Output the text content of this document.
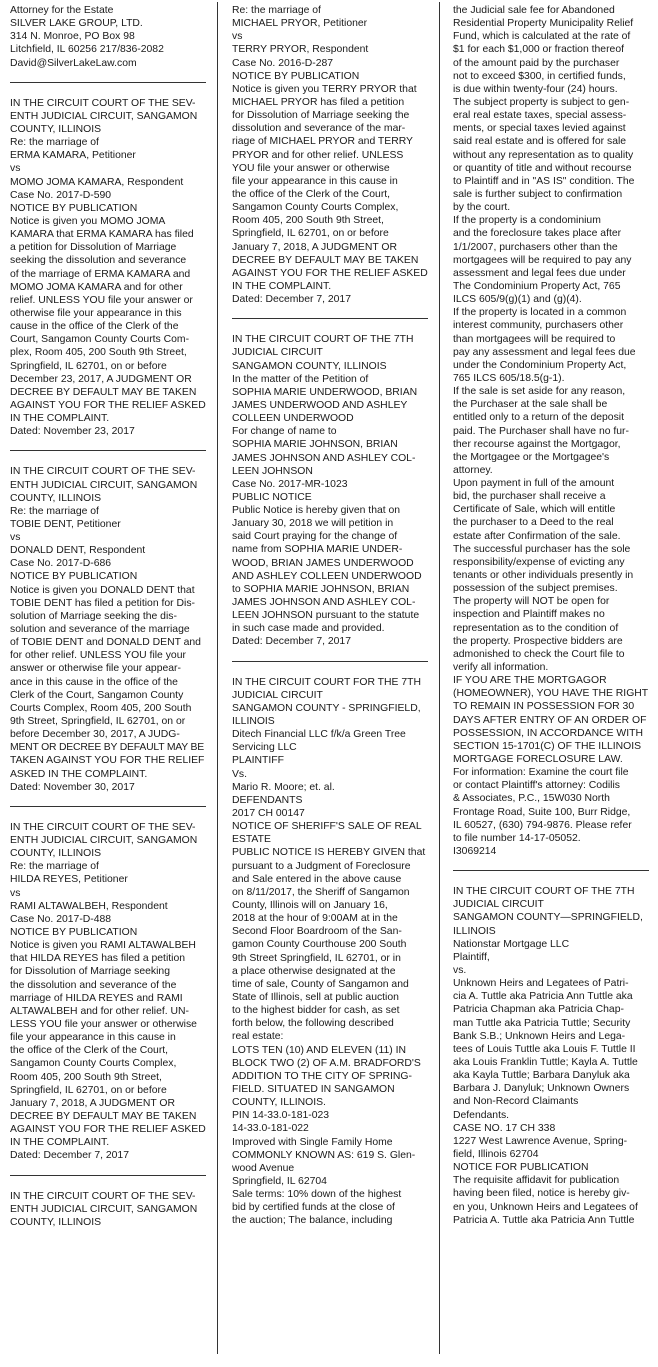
Attorney for the Estate
SILVER LAKE GROUP, LTD.
314 N. Monroe, PO Box 98
Litchfield, IL 60256 217/836-2082
David@SilverLakeLaw.com
IN THE CIRCUIT COURT OF THE SEV-
ENTH JUDICIAL CIRCUIT, SANGAMON
COUNTY, ILLINOIS
Re: the marriage of
ERMA KAMARA, Petitioner
vs
MOMO JOMA KAMARA, Respondent
Case No. 2017-D-590
NOTICE BY PUBLICATION
Notice is given you MOMO JOMA
KAMARA that ERMA KAMARA has filed
a petition for Dissolution of Marriage
seeking the dissolution and severance
of the marriage of ERMA KAMARA and
MOMO JOMA KAMARA and for other
relief. UNLESS YOU file your answer or
otherwise file your appearance in this
cause in the office of the Clerk of the
Court, Sangamon County Courts Com-
plex, Room 405, 200 South 9th Street,
Springfield, IL 62701, on or before
December 23, 2017, A JUDGMENT OR
DECREE BY DEFAULT MAY BE TAKEN
AGAINST YOU FOR THE RELIEF ASKED
IN THE COMPLAINT.
Dated: November 23, 2017
IN THE CIRCUIT COURT OF THE SEV-
ENTH JUDICIAL CIRCUIT, SANGAMON
COUNTY, ILLINOIS
Re: the marriage of
TOBIE DENT, Petitioner
vs
DONALD DENT, Respondent
Case No. 2017-D-686
NOTICE BY PUBLICATION
Notice is given you DONALD DENT that
TOBIE DENT has filed a petition for Dis-
solution of Marriage seeking the dis-
solution and severance of the marriage
of TOBIE DENT and DONALD DENT and
for other relief. UNLESS YOU file your
answer or otherwise file your appear-
ance in this cause in the office of the
Clerk of the Court, Sangamon County
Courts Complex, Room 405, 200 South
9th Street, Springfield, IL 62701, on or
before December 30, 2017, A JUDG-
MENT OR DECREE BY DEFAULT MAY BE
TAKEN AGAINST YOU FOR THE RELIEF
ASKED IN THE COMPLAINT.
Dated: November 30, 2017
IN THE CIRCUIT COURT OF THE SEV-
ENTH JUDICIAL CIRCUIT, SANGAMON
COUNTY, ILLINOIS
Re: the marriage of
HILDA REYES, Petitioner
vs
RAMI ALTAWALBEH, Respondent
Case No. 2017-D-488
NOTICE BY PUBLICATION
Notice is given you RAMI ALTAWALBEH
that HILDA REYES has filed a petition
for Dissolution of Marriage seeking
the dissolution and severance of the
marriage of HILDA REYES and RAMI
ALTAWALBEH and for other relief. UN-
LESS YOU file your answer or otherwise
file your appearance in this cause in
the office of the Clerk of the Court,
Sangamon County Courts Complex,
Room 405, 200 South 9th Street,
Springfield, IL 62701, on or before
January 7, 2018, A JUDGMENT OR
DECREE BY DEFAULT MAY BE TAKEN
AGAINST YOU FOR THE RELIEF ASKED
IN THE COMPLAINT.
Dated: December 7, 2017
IN THE CIRCUIT COURT OF THE SEV-
ENTH JUDICIAL CIRCUIT, SANGAMON
COUNTY, ILLINOIS
Re: the marriage of
MICHAEL PRYOR, Petitioner
vs
TERRY PRYOR, Respondent
Case No. 2016-D-287
NOTICE BY PUBLICATION
Notice is given you TERRY PRYOR that
MICHAEL PRYOR has filed a petition
for Dissolution of Marriage seeking the
dissolution and severance of the mar-
riage of MICHAEL PRYOR and TERRY
PRYOR and for other relief. UNLESS
YOU file your answer or otherwise
file your appearance in this cause in
the office of the Clerk of the Court,
Sangamon County Courts Complex,
Room 405, 200 South 9th Street,
Springfield, IL 62701, on or before
January 7, 2018, A JUDGMENT OR
DECREE BY DEFAULT MAY BE TAKEN
AGAINST YOU FOR THE RELIEF ASKED
IN THE COMPLAINT.
Dated: December 7, 2017
IN THE CIRCUIT COURT OF THE 7TH
JUDICIAL CIRCUIT
SANGAMON COUNTY, ILLINOIS
In the matter of the Petition of
SOPHIA MARIE UNDERWOOD, BRIAN
JAMES UNDERWOOD AND ASHLEY
COLLEEN UNDERWOOD
For change of name to
SOPHIA MARIE JOHNSON, BRIAN
JAMES JOHNSON AND ASHLEY COL-
LEEN JOHNSON
Case No. 2017-MR-1023
PUBLIC NOTICE
Public Notice is hereby given that on
January 30, 2018 we will petition in
said Court praying for the change of
name from SOPHIA MARIE UNDER-
WOOD, BRIAN JAMES UNDERWOOD
AND ASHLEY COLLEEN UNDERWOOD
to SOPHIA MARIE JOHNSON, BRIAN
JAMES JOHNSON AND ASHLEY COL-
LEEN JOHNSON pursuant to the statute
in such case made and provided.
Dated: December 7, 2017
IN THE CIRCUIT COURT FOR THE 7TH
JUDICIAL CIRCUIT
SANGAMON COUNTY - SPRINGFIELD,
ILLINOIS
Ditech Financial LLC f/k/a Green Tree
Servicing LLC
PLAINTIFF
Vs.
Mario R. Moore; et. al.
DEFENDANTS
2017 CH 00147
NOTICE OF SHERIFF'S SALE OF REAL
ESTATE
PUBLIC NOTICE IS HEREBY GIVEN that
pursuant to a Judgment of Foreclosure
and Sale entered in the above cause
on 8/11/2017, the Sheriff of Sangamon
County, Illinois will on January 16,
2018 at the hour of 9:00AM at in the
Second Floor Boardroom of the San-
gamon County Courthouse 200 South
9th Street Springfield, IL 62701, or in
a place otherwise designated at the
time of sale, County of Sangamon and
State of Illinois, sell at public auction
to the highest bidder for cash, as set
forth below, the following described
real estate:
LOTS TEN (10) AND ELEVEN (11) IN
BLOCK TWO (2) OF A.M. BRADFORD'S
ADDITION TO THE CITY OF SPRING-
FIELD. SITUATED IN SANGAMON
COUNTY, ILLINOIS.
PIN 14-33.0-181-023
14-33.0-181-022
Improved with Single Family Home
COMMONLY KNOWN AS: 619 S. Glen-
wood Avenue
Springfield, IL 62704
Sale terms: 10% down of the highest
bid by certified funds at the close of
the auction; The balance, including
the Judicial sale fee for Abandoned
Residential Property Municipality Relief
Fund, which is calculated at the rate of
$1 for each $1,000 or fraction thereof
of the amount paid by the purchaser
not to exceed $300, in certified funds,
is due within twenty-four (24) hours.
The subject property is subject to gen-
eral real estate taxes, special assess-
ments, or special taxes levied against
said real estate and is offered for sale
without any representation as to quality
or quantity of title and without recourse
to Plaintiff and in "AS IS" condition. The
sale is further subject to confirmation
by the court.
If the property is a condominium
and the foreclosure takes place after
1/1/2007, purchasers other than the
mortgagees will be required to pay any
assessment and legal fees due under
The Condominium Property Act, 765
ILCS 605/9(g)(1) and (g)(4).
If the property is located in a common
interest community, purchasers other
than mortgagees will be required to
pay any assessment and legal fees due
under the Condominium Property Act,
765 ILCS 605/18.5(g-1).
If the sale is set aside for any reason,
the Purchaser at the sale shall be
entitled only to a return of the deposit
paid. The Purchaser shall have no fur-
ther recourse against the Mortgagor,
the Mortgagee or the Mortgagee's
attorney.
Upon payment in full of the amount
bid, the purchaser shall receive a
Certificate of Sale, which will entitle
the purchaser to a Deed to the real
estate after Confirmation of the sale.
The successful purchaser has the sole
responsibility/expense of evicting any
tenants or other individuals presently in
possession of the subject premises.
The property will NOT be open for
inspection and Plaintiff makes no
representation as to the condition of
the property. Prospective bidders are
admonished to check the Court file to
verify all information.
IF YOU ARE THE MORTGAGOR
(HOMEOWNER), YOU HAVE THE RIGHT
TO REMAIN IN POSSESSION FOR 30
DAYS AFTER ENTRY OF AN ORDER OF
POSSESSION, IN ACCORDANCE WITH
SECTION 15-1701(C) OF THE ILLINOIS
MORTGAGE FORECLOSURE LAW.
For information: Examine the court file
or contact Plaintiff's attorney: Codilis
& Associates, P.C., 15W030 North
Frontage Road, Suite 100, Burr Ridge,
IL 60527, (630) 794-9876. Please refer
to file number 14-17-05052.
I3069214
IN THE CIRCUIT COURT OF THE 7TH
JUDICIAL CIRCUIT
SANGAMON COUNTY—SPRINGFIELD,
ILLINOIS
Nationstar Mortgage LLC
Plaintiff,
vs.
Unknown Heirs and Legatees of Patri-
cia A. Tuttle aka Patricia Ann Tuttle aka
Patricia Chapman aka Patricia Chap-
man Tuttle aka Patricia Tuttle; Security
Bank S.B.; Unknown Heirs and Lega-
tees of Louis Tuttle aka Louis F. Tuttle II
aka Louis Franklin Tuttle; Kayla A. Tuttle
aka Kayla Tuttle; Barbara Danyluk aka
Barbara J. Danyluk; Unknown Owners
and Non-Record Claimants
Defendants.
CASE NO. 17 CH 338
1227 West Lawrence Avenue, Spring-
field, Illinois 62704
NOTICE FOR PUBLICATION
The requisite affidavit for publication
having been filed, notice is hereby giv-
en you, Unknown Heirs and Legatees of
Patricia A. Tuttle aka Patricia Ann Tuttle
